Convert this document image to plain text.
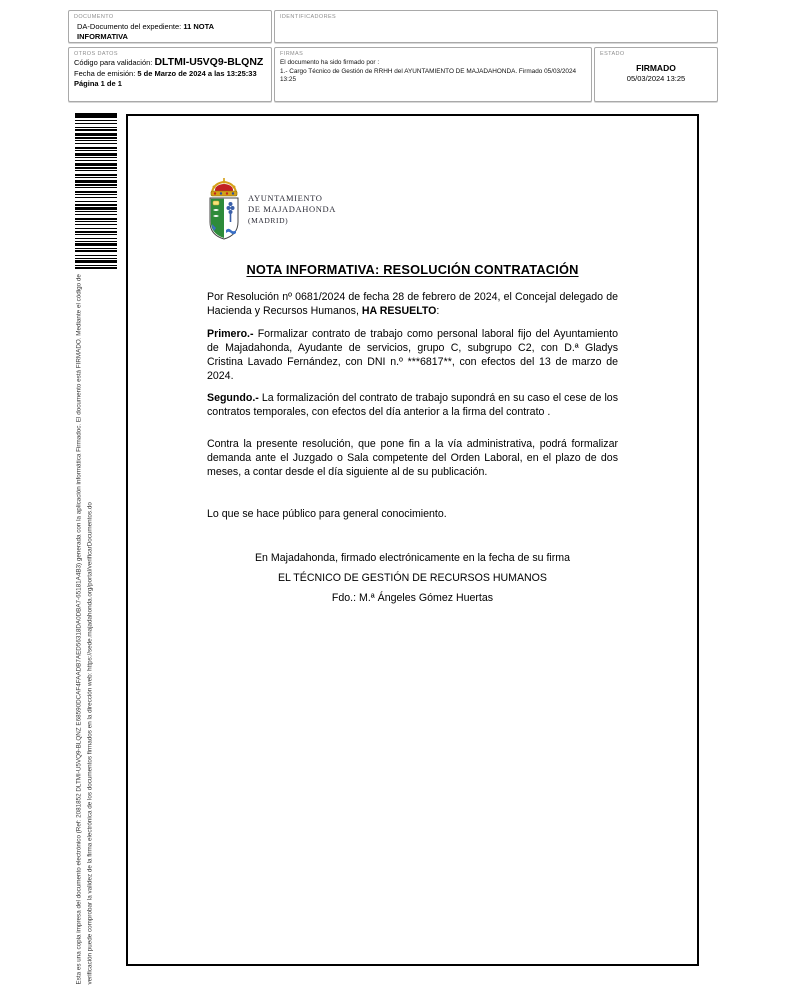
DOCUMENTO
DA-Documento del expediente: 11 NOTA INFORMATIVA
IDENTIFICADORES
OTROS DATOS
Código para validación: DLTMI-U5VQ9-BLQNZ
Fecha de emisión: 5 de Marzo de 2024 a las 13:25:33
Página 1 de 1
FIRMAS
El documento ha sido firmado por :
1.- Cargo Técnico de Gestión de RRHH del AYUNTAMIENTO DE MAJADAHONDA. Firmado 05/03/2024 13:25
ESTADO
FIRMADO
05/03/2024 13:25
Esta es una copia impresa del documento electrónico (Ref: 2081852 DLTMI-U5VQ9-BLQNZ E68590DCAF4FAADB7AED56318DA0DBA7-65181A4B3) generada con la aplicación informática Firmadoc. El documento está FIRMADO. Mediante el código de verificación puede comprobar la validez de la firma electrónica de los documentos firmados en la dirección web: https://sede.majadahonda.org/portal/verificarDocumentos.do
AYUNTAMIENTO
DE MAJADAHONDA
(MADRID)
NOTA INFORMATIVA: RESOLUCIÓN CONTRATACIÓN
Por Resolución nº 0681/2024 de fecha 28 de febrero de 2024, el Concejal delegado de Hacienda y Recursos Humanos, HA RESUELTO:
Primero.- Formalizar contrato de trabajo como personal laboral fijo del Ayuntamiento de Majadahonda, Ayudante de servicios, grupo C, subgrupo C2, con D.ª Gladys Cristina Lavado Fernández, con DNI n.º ***6817**, con efectos del 13 de marzo de 2024.
Segundo.- La formalización del contrato de trabajo supondrá en su caso el cese de los contratos temporales, con efectos del día anterior a la firma del contrato .
Contra la presente resolución, que pone fin a la vía administrativa, podrá formalizar demanda ante el Juzgado o Sala competente del Orden Laboral, en el plazo de dos meses, a contar desde el día siguiente al de su publicación.
Lo que se hace público para general conocimiento.
En Majadahonda, firmado electrónicamente en la fecha de su firma
EL TÉCNICO DE GESTIÓN DE RECURSOS HUMANOS
Fdo.: M.ª Ángeles Gómez Huertas
